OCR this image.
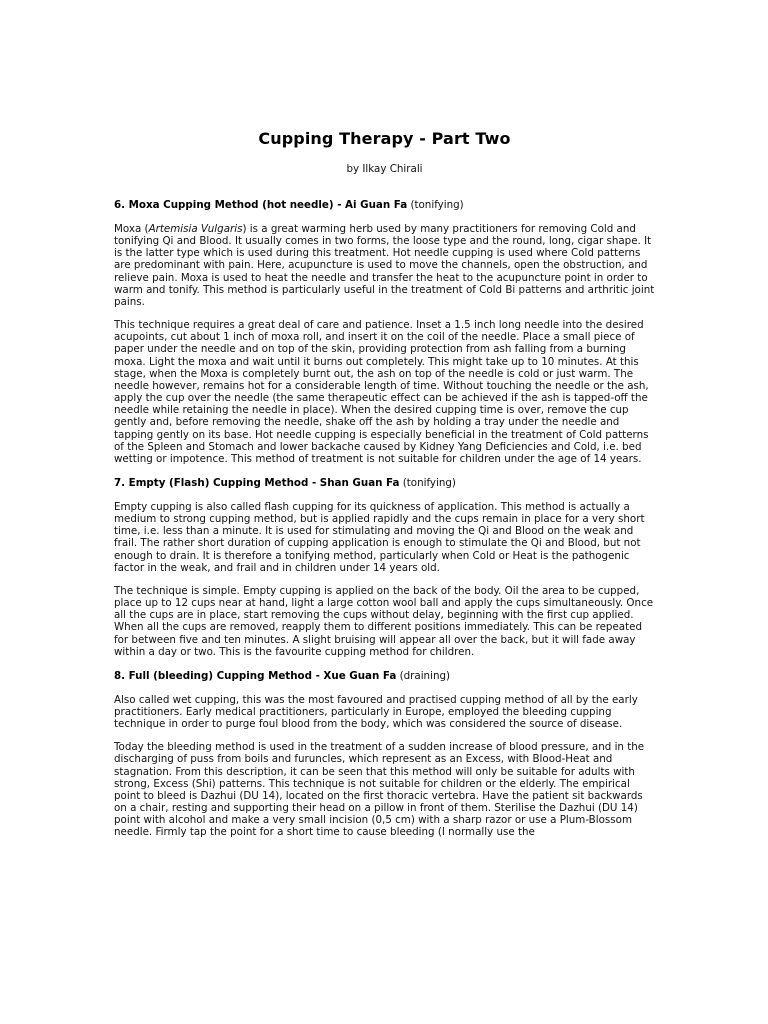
Cupping Therapy - Part Two

by Ilkay Chirali

6. Moxa Cupping Method (hot needle) - Ai Guan Fa (tonifying)

Moxa (Artemisia Vulgaris) is a great warming herb used by many practitioners for removing Cold and tonifying Qi and Blood. It usually comes in two forms, the loose type and the round, long, cigar shape. It is the latter type which is used during this treatment. Hot needle cupping is used where Cold patterns are predominant with pain. Here, acupuncture is used to move the channels, open the obstruction, and relieve pain. Moxa is used to heat the needle and transfer the heat to the acupuncture point in order to warm and tonify. This method is particularly useful in the treatment of Cold Bi patterns and arthritic joint pains.

This technique requires a great deal of care and patience. Inset a 1.5 inch long needle into the desired acupoints, cut about 1 inch of moxa roll, and insert it on the coil of the needle. Place a small piece of paper under the needle and on top of the skin, providing protection from ash falling from a burning moxa. Light the moxa and wait until it burns out completely. This might take up to 10 minutes. At this stage, when the Moxa is completely burnt out, the ash on top of the needle is cold or just warm. The needle however, remains hot for a considerable length of time. Without touching the needle or the ash, apply the cup over the needle (the same therapeutic effect can be achieved if the ash is tapped-off the needle while retaining the needle in place). When the desired cupping time is over, remove the cup gently and, before removing the needle, shake off the ash by holding a tray under the needle and tapping gently on its base. Hot needle cupping is especially beneficial in the treatment of Cold patterns of the Spleen and Stomach and lower backache caused by Kidney Yang Deficiencies and Cold, i.e. bed wetting or impotence. This method of treatment is not suitable for children under the age of 14 years.

7. Empty (Flash) Cupping Method - Shan Guan Fa (tonifying)

Empty cupping is also called flash cupping for its quickness of application. This method is actually a medium to strong cupping method, but is applied rapidly and the cups remain in place for a very short time, i.e. less than a minute. It is used for stimulating and moving the Qi and Blood on the weak and frail. The rather short duration of cupping application is enough to stimulate the Qi and Blood, but not enough to drain. It is therefore a tonifying method, particularly when Cold or Heat is the pathogenic factor in the weak, and frail and in children under 14 years old.

The technique is simple. Empty cupping is applied on the back of the body. Oil the area to be cupped, place up to 12 cups near at hand, light a large cotton wool ball and apply the cups simultaneously. Once all the cups are in place, start removing the cups without delay, beginning with the first cup applied. When all the cups are removed, reapply them to different positions immediately. This can be repeated for between five and ten minutes. A slight bruising will appear all over the back, but it will fade away within a day or two. This is the favourite cupping method for children.

8. Full (bleeding) Cupping Method - Xue Guan Fa (draining)

Also called wet cupping, this was the most favoured and practised cupping method of all by the early practitioners. Early medical practitioners, particularly in Europe, employed the bleeding cupping technique in order to purge foul blood from the body, which was considered the source of disease.

Today the bleeding method is used in the treatment of a sudden increase of blood pressure, and in the discharging of puss from boils and furuncles, which represent as an Excess, with Blood-Heat and stagnation. From this description, it can be seen that this method will only be suitable for adults with strong, Excess (Shi) patterns. This technique is not suitable for children or the elderly. The empirical point to bleed is Dazhui (DU 14), located on the first thoracic vertebra. Have the patient sit backwards on a chair, resting and supporting their head on a pillow in front of them. Sterilise the Dazhui (DU 14) point with alcohol and make a very small incision (0,5 cm) with a sharp razor or use a Plum-Blossom needle. Firmly tap the point for a short time to cause bleeding (I normally use the
